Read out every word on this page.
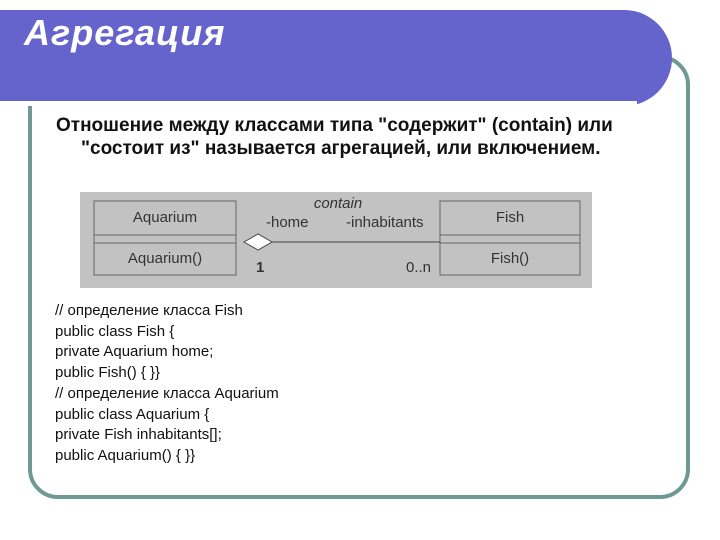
Агрегация
Отношение между классами типа "содержит" (contain) или "состоит из" называется агрегацией, или включением.
Aquarium
Aquarium()
Fish
Fish()
contain
-home -inhabitants
1	0..n
// определение класса Fish
public class Fish {
private Aquarium home;
public Fish() { }}
// определение класса Aquarium
public class Aquarium {
private Fish inhabitants[];
public Aquarium() { }}
